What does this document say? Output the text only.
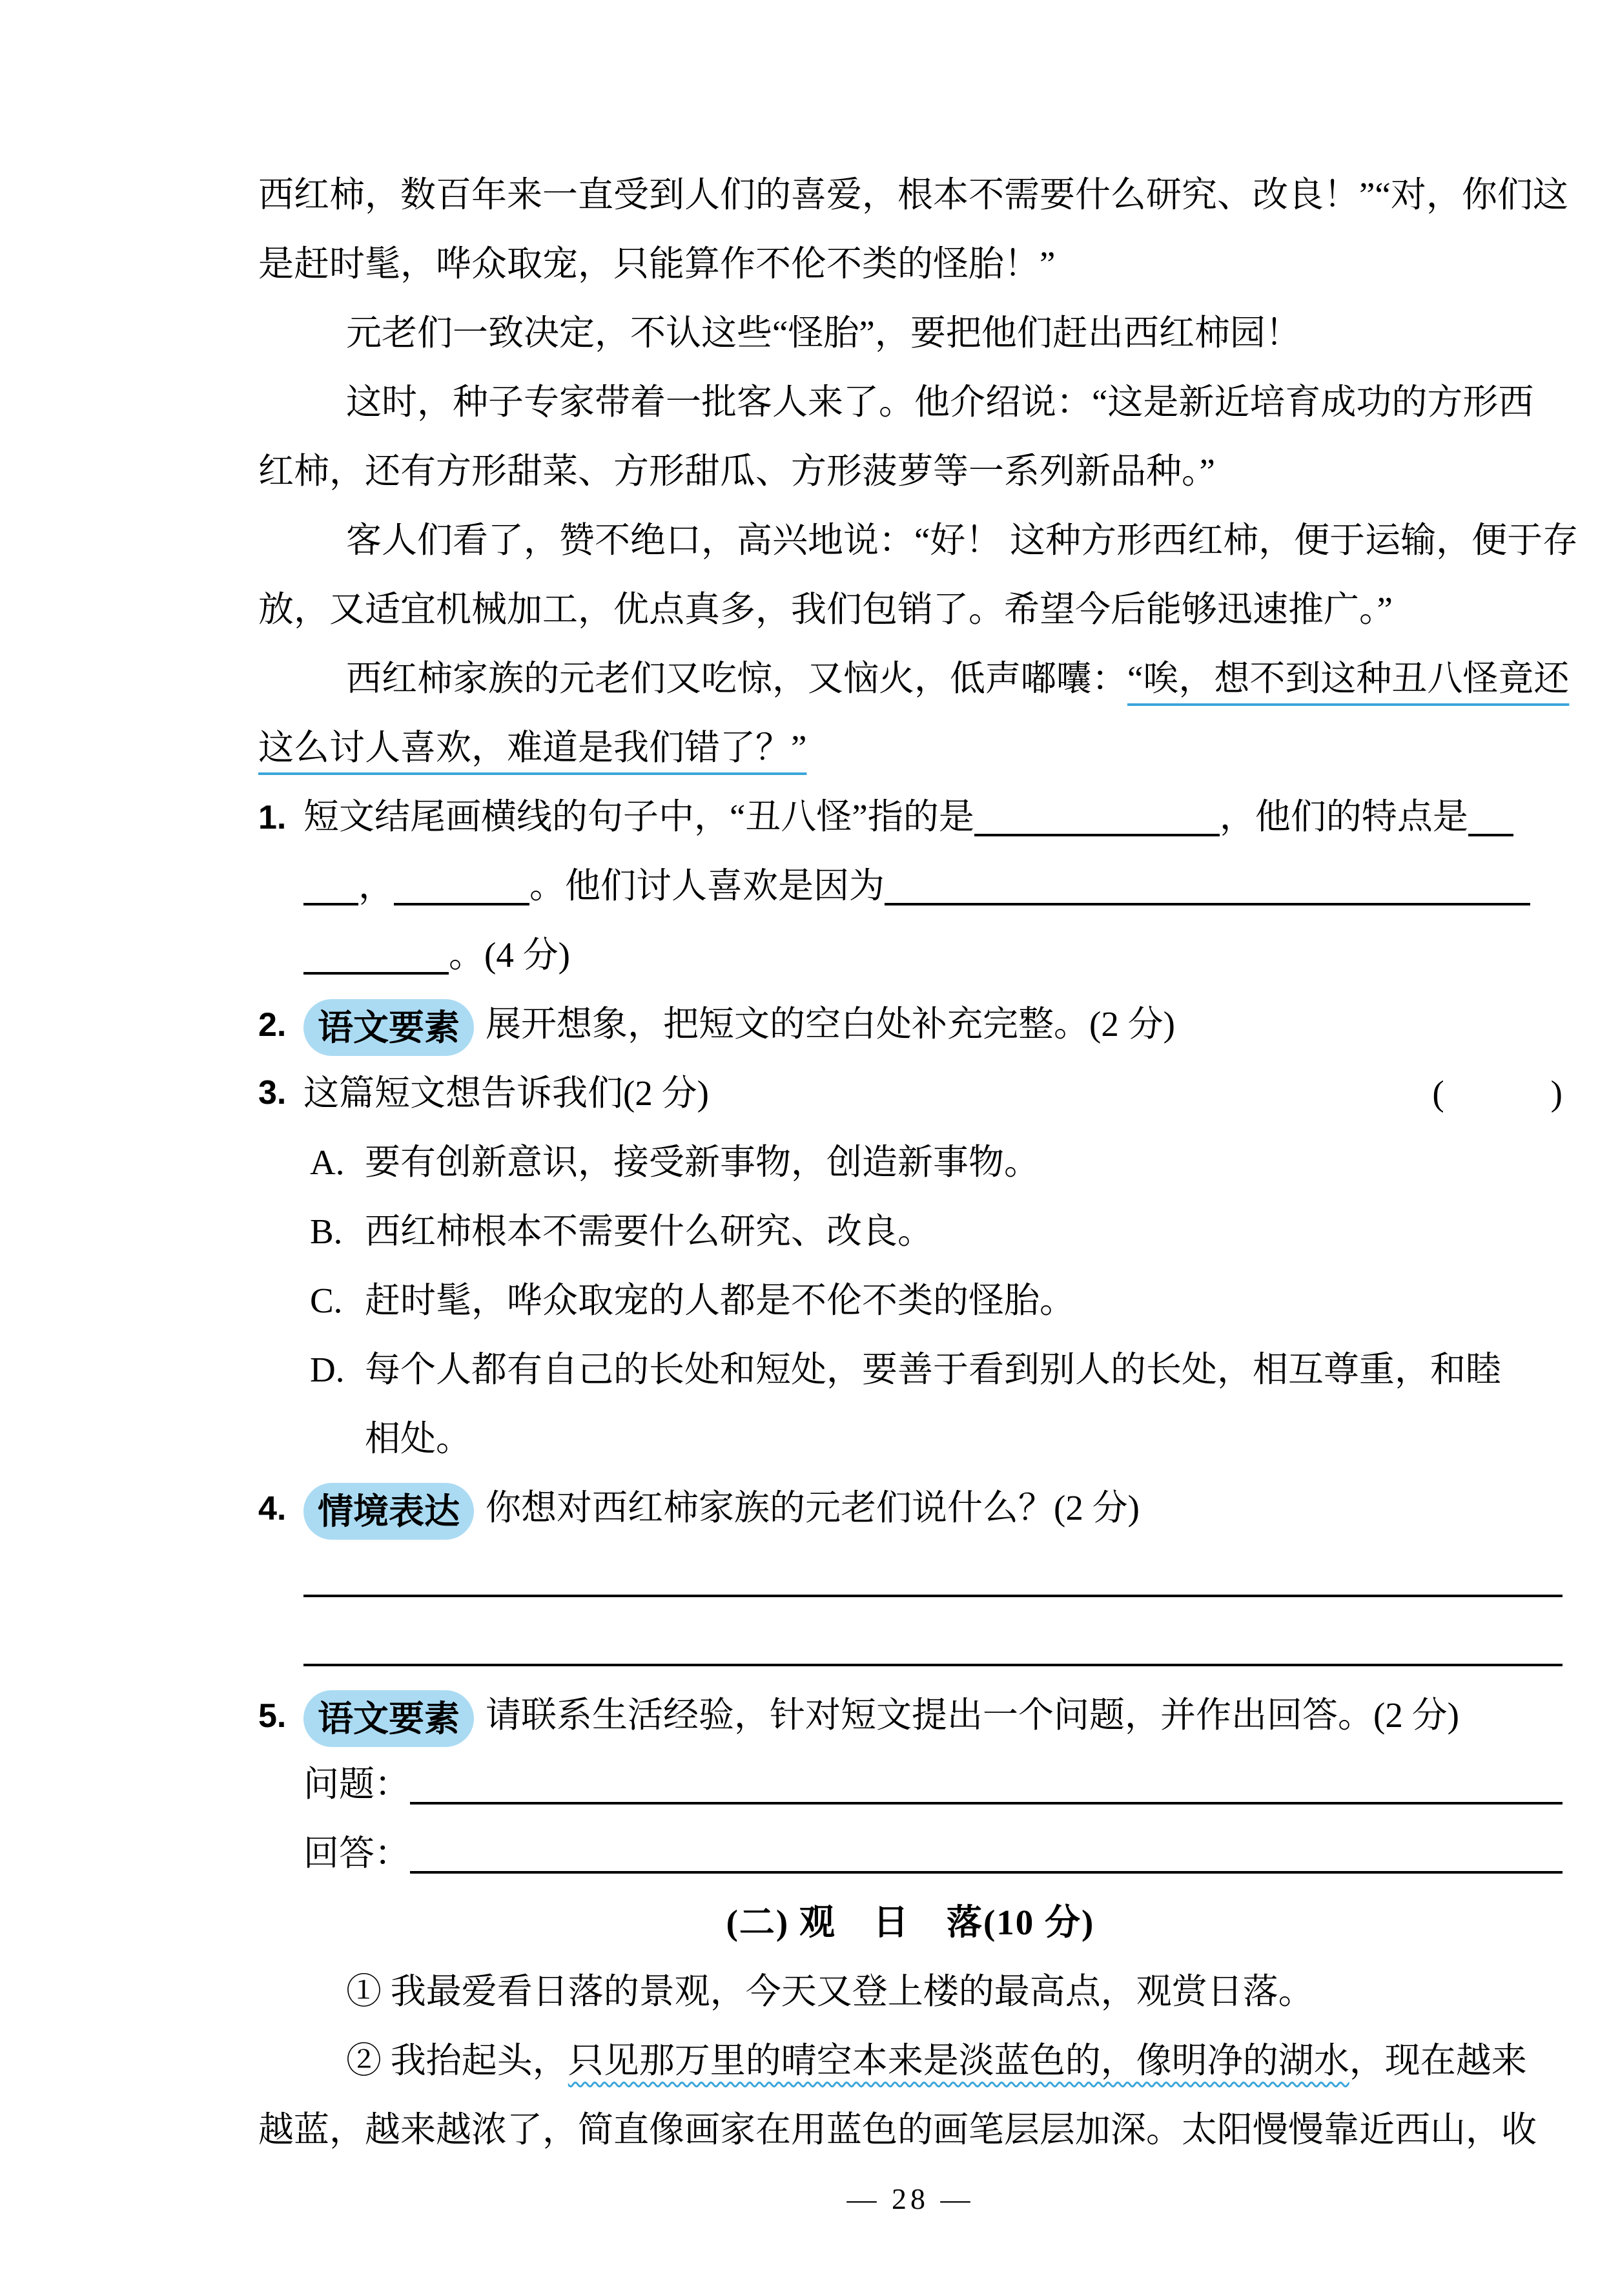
西红柿，数百年来一直受到人们的喜爱，根本不需要什么研究、改良！”“对，你们这
是赶时髦，哗众取宠，只能算作不伦不类的怪胎！”
元老们一致决定，不认这些“怪胎”，要把他们赶出西红柿园！
这时，种子专家带着一批客人来了。他介绍说：“这是新近培育成功的方形西
红柿，还有方形甜菜、方形甜瓜、方形菠萝等一系列新品种。”
客人们看了，赞不绝口，高兴地说：“好！ 这种方形西红柿，便于运输，便于存
放，又适宜机械加工，优点真多，我们包销了。希望今后能够迅速推广。”
西红柿家族的元老们又吃惊，又恼火，低声嘟囔：“唉，想不到这种丑八怪竟还
这么讨人喜欢，难道是我们错了？”
1. 短文结尾画横线的句子中，“丑八怪”指的是	，他们的特点是
，	。他们讨人喜欢是因为
。(4 分)
2. 语文要素 展开想象，把短文的空白处补充完整。(2 分)
3. 这篇短文想告诉我们(2 分)	(　　　)
A. 要有创新意识，接受新事物，创造新事物。
B. 西红柿根本不需要什么研究、改良。
C. 赶时髦，哗众取宠的人都是不伦不类的怪胎。
D. 每个人都有自己的长处和短处，要善于看到别人的长处，相互尊重，和睦
相处。
4. 情境表达 你想对西红柿家族的元老们说什么？(2 分)
5. 语文要素 请联系生活经验，针对短文提出一个问题，并作出回答。(2 分)
问题：
回答：
(二) 观　日　落(10 分)
① 我最爱看日落的景观，今天又登上楼的最高点，观赏日落。
② 我抬起头，只见那万里的晴空本来是淡蓝色的，像明净的湖水，现在越来
越蓝，越来越浓了，简直像画家在用蓝色的画笔层层加深。太阳慢慢靠近西山，收
— 28 —
